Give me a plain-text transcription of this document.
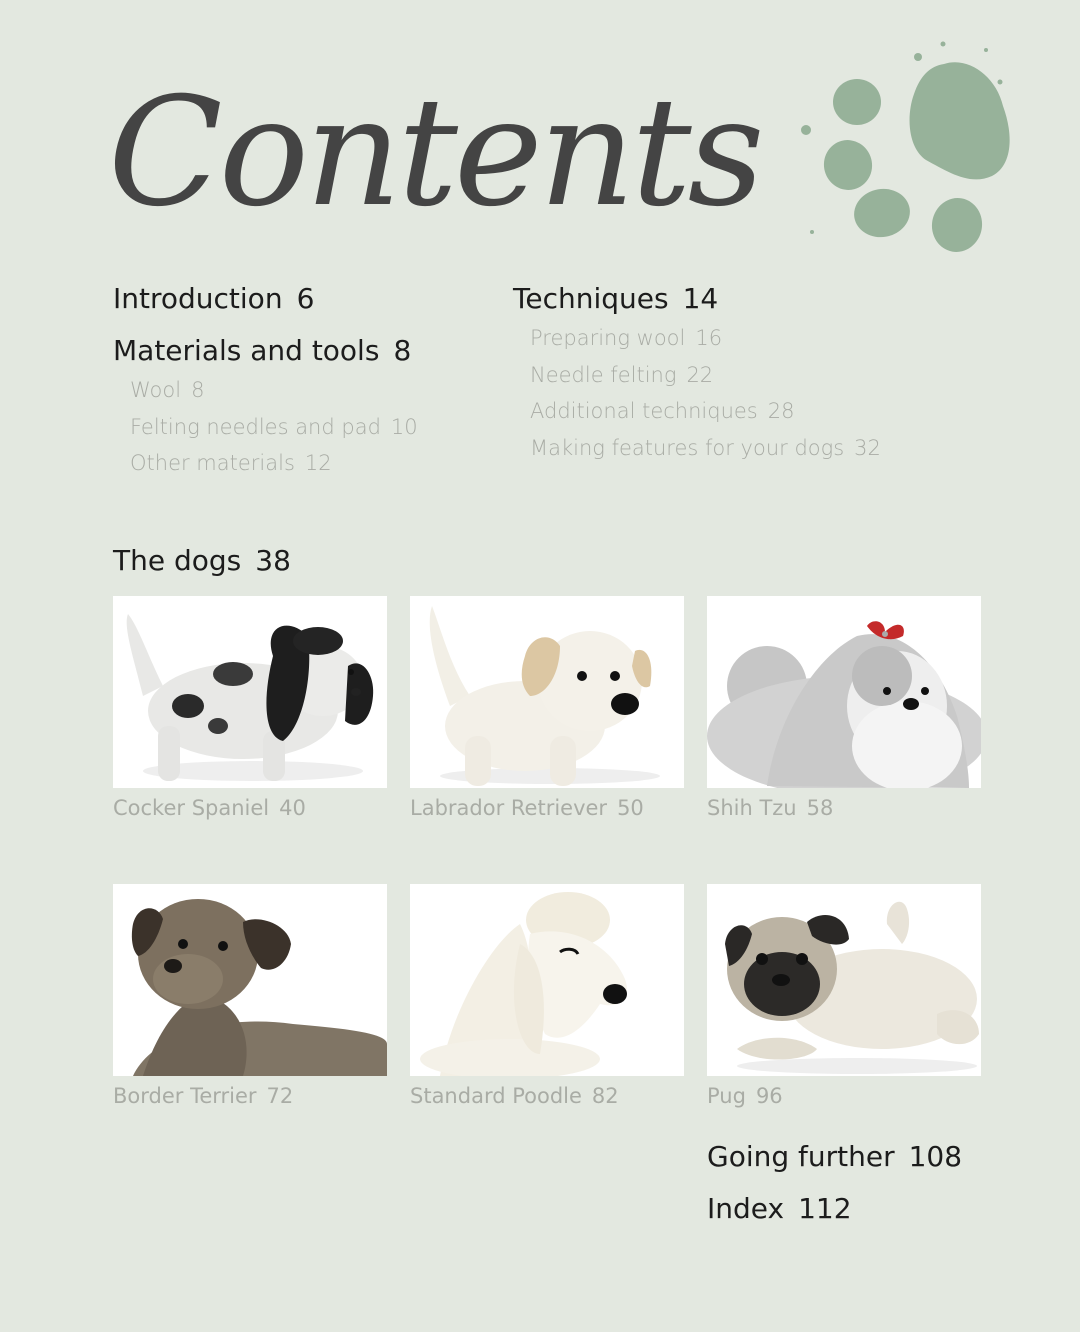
Contents
Introduction 6
Materials and tools 8
Wool 8
Felting needles and pad 10
Other materials 12
Techniques 14
Preparing wool 16
Needle felting 22
Additional techniques 28
Making features for your dogs 32
The dogs 38
Cocker Spaniel 40	Labrador Retriever 50	Shih Tzu 58
Border Terrier 72	Standard Poodle 82	Pug 96
Going further 108
Index 112
